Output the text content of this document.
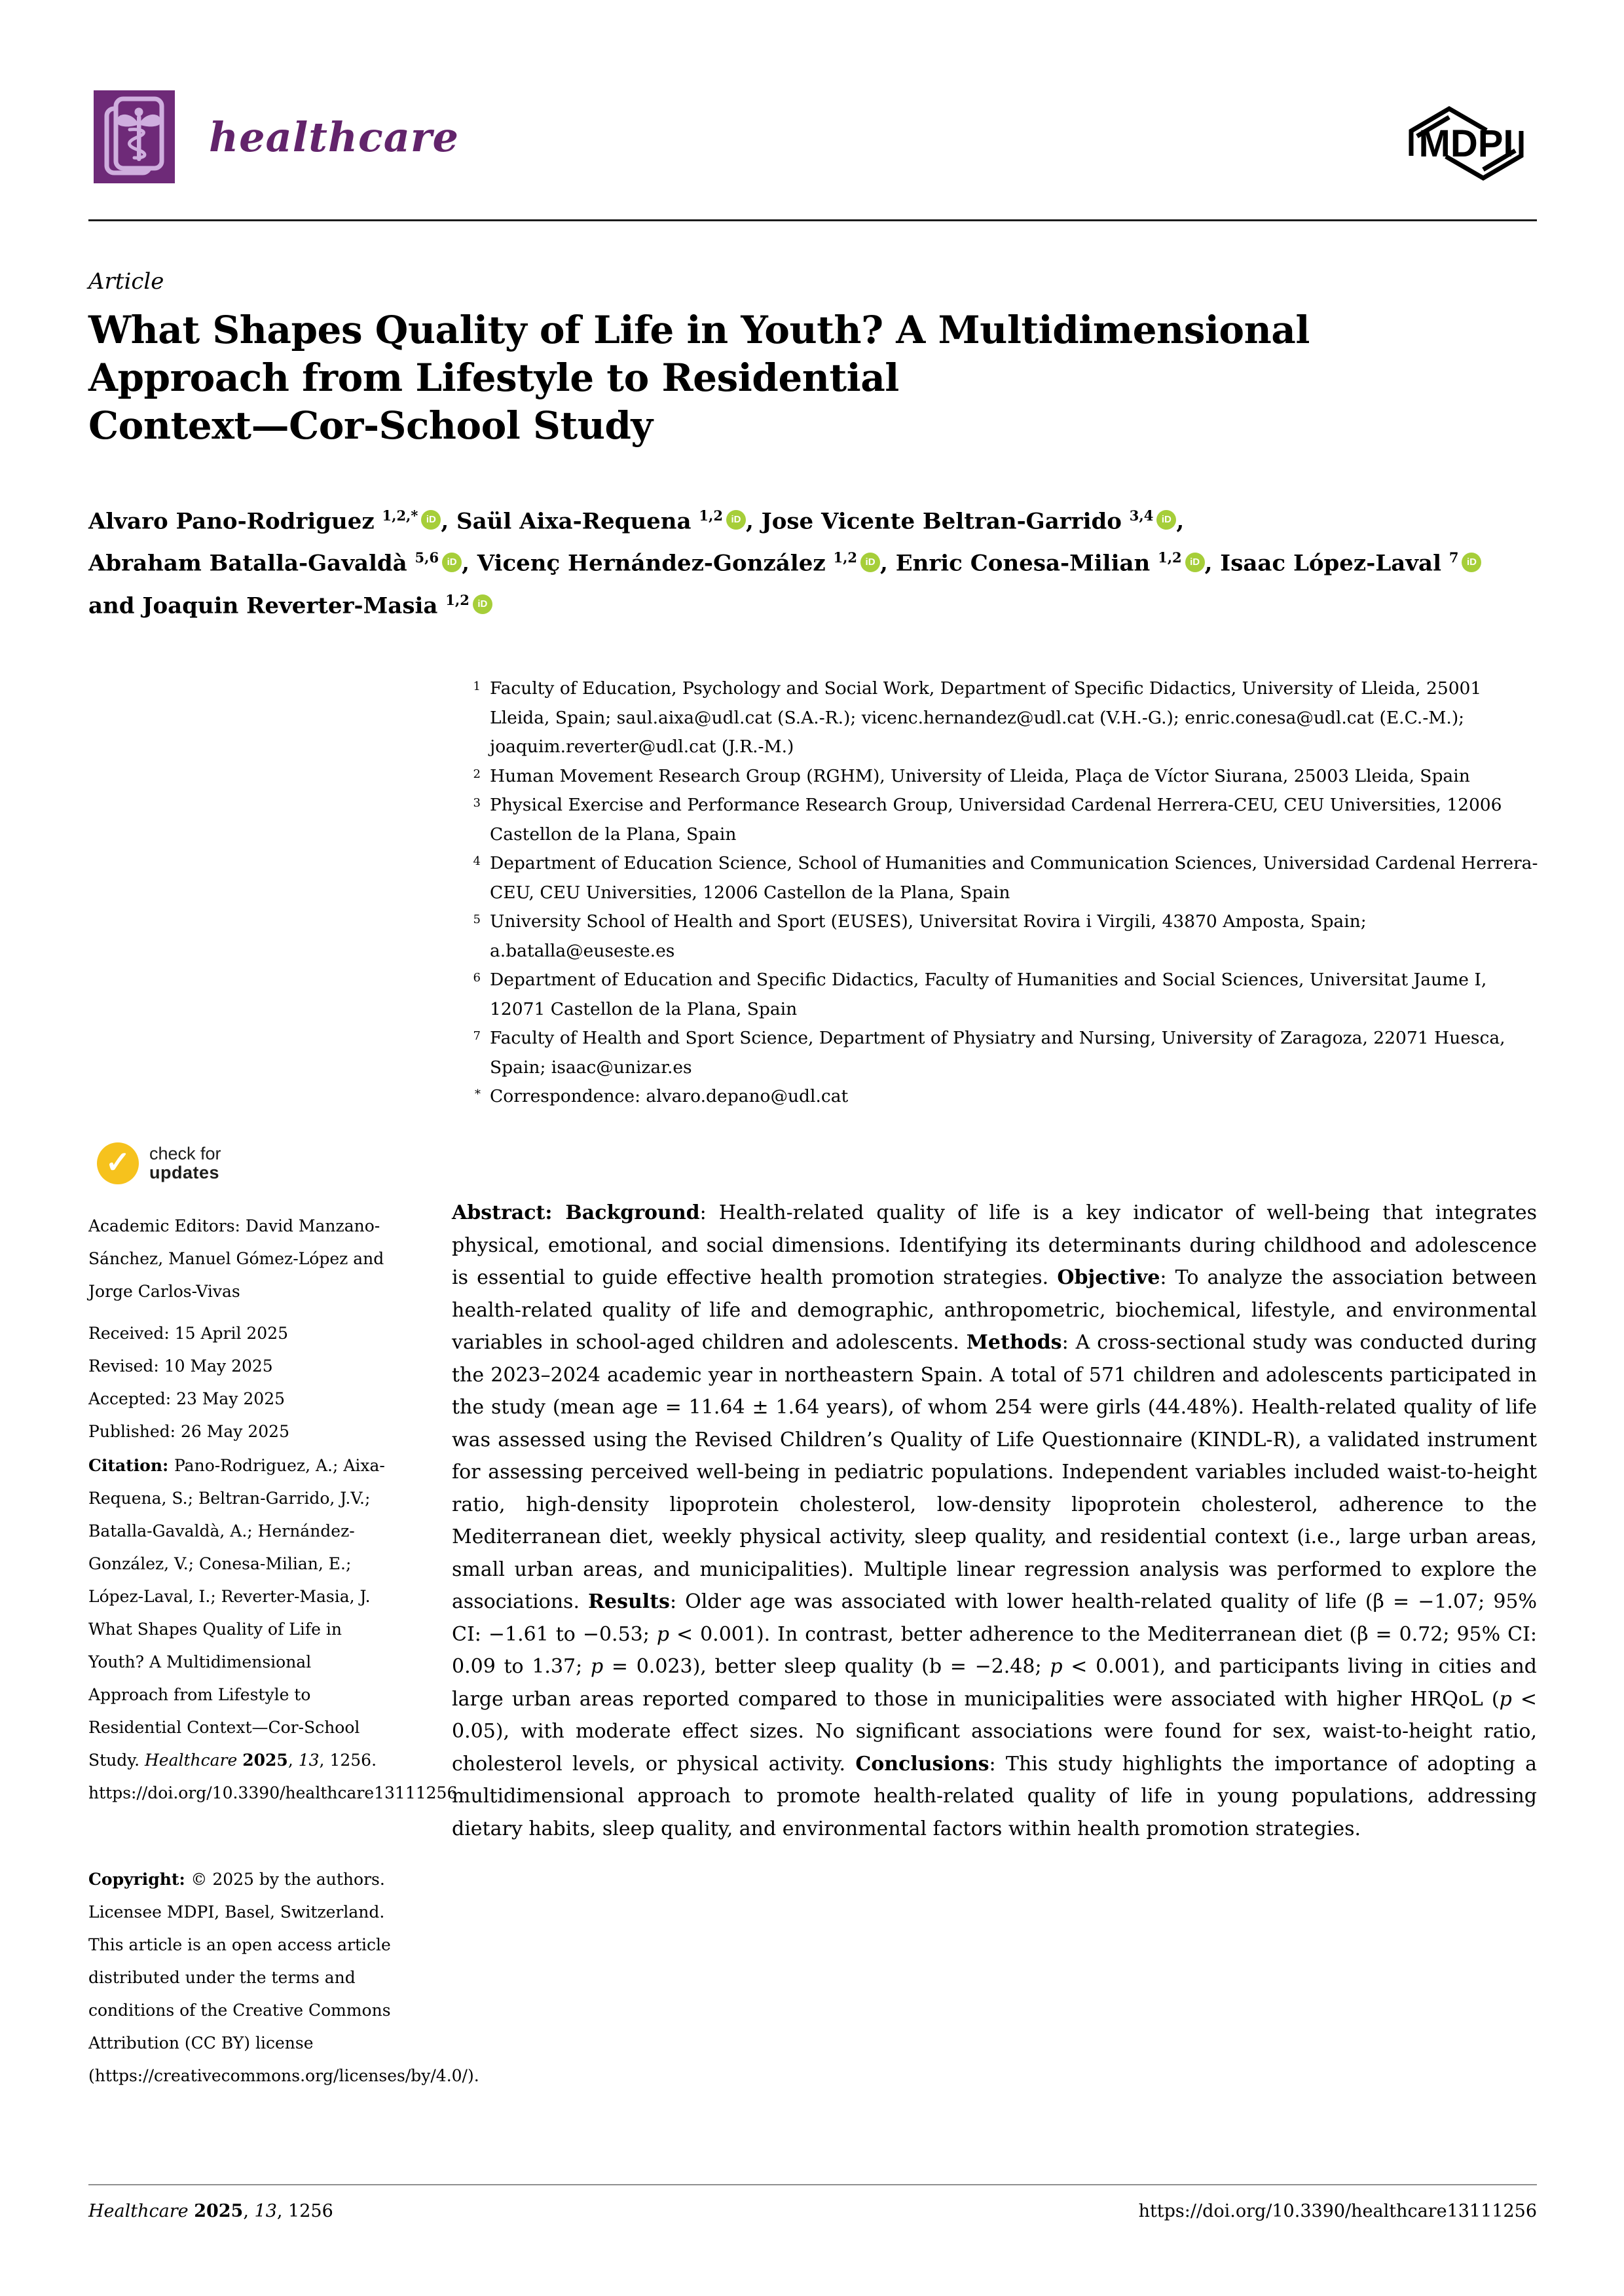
healthcare	MDPI
Article
What Shapes Quality of Life in Youth? A Multidimensional
Approach from Lifestyle to Residential
Context—Cor-School Study
Alvaro Pano-Rodriguez $^{1,2,*}$ iD , Saül Aixa-Requena $^{1,2}$ iD , Jose Vicente Beltran-Garrido $^{3,4}$ iD ,
Abraham Batalla-Gavaldà $^{5,6}$ iD , Vicenç Hernández-González $^{1,2}$ iD , Enric Conesa-Milian $^{1,2}$ iD , Isaac López-Laval $^7$ iD
and Joaquin Reverter-Masia $^{1,2}$ iD
1 Faculty of Education, Psychology and Social Work, Department of Specific Didactics, University of Lleida, 25001 Lleida, Spain; saul.aixa@udl.cat (S.A.-R.); vicenc.hernandez@udl.cat (V.H.-G.); enric.conesa@udl.cat (E.C.-M.); joaquim.reverter@udl.cat (J.R.-M.)
2 Human Movement Research Group (RGHM), University of Lleida, Plaça de Víctor Siurana, 25003 Lleida, Spain
3 Physical Exercise and Performance Research Group, Universidad Cardenal Herrera-CEU, CEU Universities, 12006 Castellon de la Plana, Spain
4 Department of Education Science, School of Humanities and Communication Sciences, Universidad Cardenal Herrera-CEU, CEU Universities, 12006 Castellon de la Plana, Spain
5 University School of Health and Sport (EUSES), Universitat Rovira i Virgili, 43870 Amposta, Spain; a.batalla@euseste.es
6 Department of Education and Specific Didactics, Faculty of Humanities and Social Sciences, Universitat Jaume I, 12071 Castellon de la Plana, Spain
7 Faculty of Health and Sport Science, Department of Physiatry and Nursing, University of Zaragoza, 22071 Huesca, Spain; isaac@unizar.es
* Correspondence: alvaro.depano@udl.cat
Abstract: Background: Health-related quality of life is a key indicator of well-being that integrates physical, emotional, and social dimensions. Identifying its determinants during childhood and adolescence is essential to guide effective health promotion strategies. Objective: To analyze the association between health-related quality of life and demographic, anthropometric, biochemical, lifestyle, and environmental variables in school-aged children and adolescents. Methods: A cross-sectional study was conducted during the 2023–2024 academic year in northeastern Spain. A total of 571 children and adolescents participated in the study (mean age = 11.64 ± 1.64 years), of whom 254 were girls (44.48%). Health-related quality of life was assessed using the Revised Children’s Quality of Life Questionnaire (KINDL-R), a validated instrument for assessing perceived well-being in pediatric populations. Independent variables included waist-to-height ratio, high-density lipoprotein cholesterol, low-density lipoprotein cholesterol, adherence to the Mediterranean diet, weekly physical activity, sleep quality, and residential context (i.e., large urban areas, small urban areas, and municipalities). Multiple linear regression analysis was performed to explore the associations. Results: Older age was associated with lower health-related quality of life (β = −1.07; 95% CI: −1.61 to −0.53; p < 0.001). In contrast, better adherence to the Mediterranean diet (β = 0.72; 95% CI: 0.09 to 1.37; p = 0.023), better sleep quality (b = −2.48; p < 0.001), and participants living in cities and large urban areas reported compared to those in municipalities were associated with higher HRQoL (p < 0.05), with moderate effect sizes. No significant associations were found for sex, waist-to-height ratio, cholesterol levels, or physical activity. Conclusions: This study highlights the importance of adopting a multidimensional approach to promote health-related quality of life in young populations, addressing dietary habits, sleep quality, and environmental factors within health promotion strategies.
✓	check for
updates
Academic Editors: David Manzano-Sánchez, Manuel Gómez-López and Jorge Carlos-Vivas
Received: 15 April 2025
Revised: 10 May 2025
Accepted: 23 May 2025
Published: 26 May 2025
Citation: Pano-Rodriguez, A.; Aixa-Requena, S.; Beltran-Garrido, J.V.; Batalla-Gavaldà, A.; Hernández-González, V.; Conesa-Milian, E.; López-Laval, I.; Reverter-Masia, J. What Shapes Quality of Life in Youth? A Multidimensional Approach from Lifestyle to Residential Context—Cor-School Study. Healthcare 2025, 13, 1256. https://doi.org/10.3390/healthcare13111256
Copyright: © 2025 by the authors. Licensee MDPI, Basel, Switzerland. This article is an open access article distributed under the terms and conditions of the Creative Commons Attribution (CC BY) license (https://creativecommons.org/licenses/by/4.0/).
Healthcare 2025, 13, 1256	https://doi.org/10.3390/healthcare13111256
